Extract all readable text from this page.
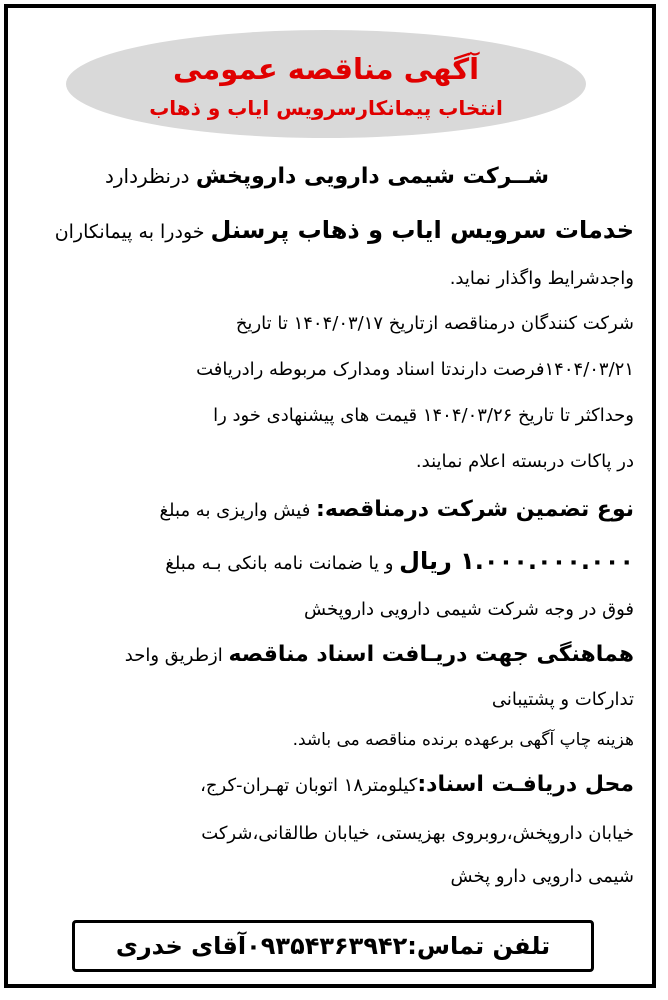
آگهی مناقصه عمومی
انتخاب پیمانکارسرویس ایاب و ذهاب

شــرکت شیمی دارویی داروپخش درنظردارد

خدمات سرویس ایاب و ذهاب پرسنل خودرا به پیمانکاران

واجدشرایط واگذار نماید.

شرکت کنندگان درمناقصه ازتاریخ ۱۴۰۴/۰۳/۱۷ تا تاریخ

۱۴۰۴/۰۳/۲۱فرصت دارندتا اسناد ومدارک مربوطه رادریافت

وحداکثر تا تاریخ ۱۴۰۴/۰۳/۲۶ قیمت های پیشنهادی خود را

در پاکات دربسته اعلام نمایند.

نوع تضمین شرکت درمناقصه: فیش واریزی به مبلغ

۱.۰۰۰.۰۰۰.۰۰۰ ریال و یا ضمانت نامه بانکی بـه مبلغ

فوق در وجه شرکت شیمی دارویی داروپخش

هماهنگی جهت دریـافت اسناد مناقصه ازطریق واحد

تدارکات و پشتیبانی

هزینه چاپ آگهی برعهده برنده مناقصه می باشد.

محل دریافـت اسناد:کیلومتر۱۸ اتوبان تهـران-کرج،

خیابان داروپخش،روبروی بهزیستی، خیابان طالقانی،شرکت

شیمی دارویی دارو پخش

تلفن تماس:۰۹۳۵۴۳۶۳۹۴۲آقای خدری
